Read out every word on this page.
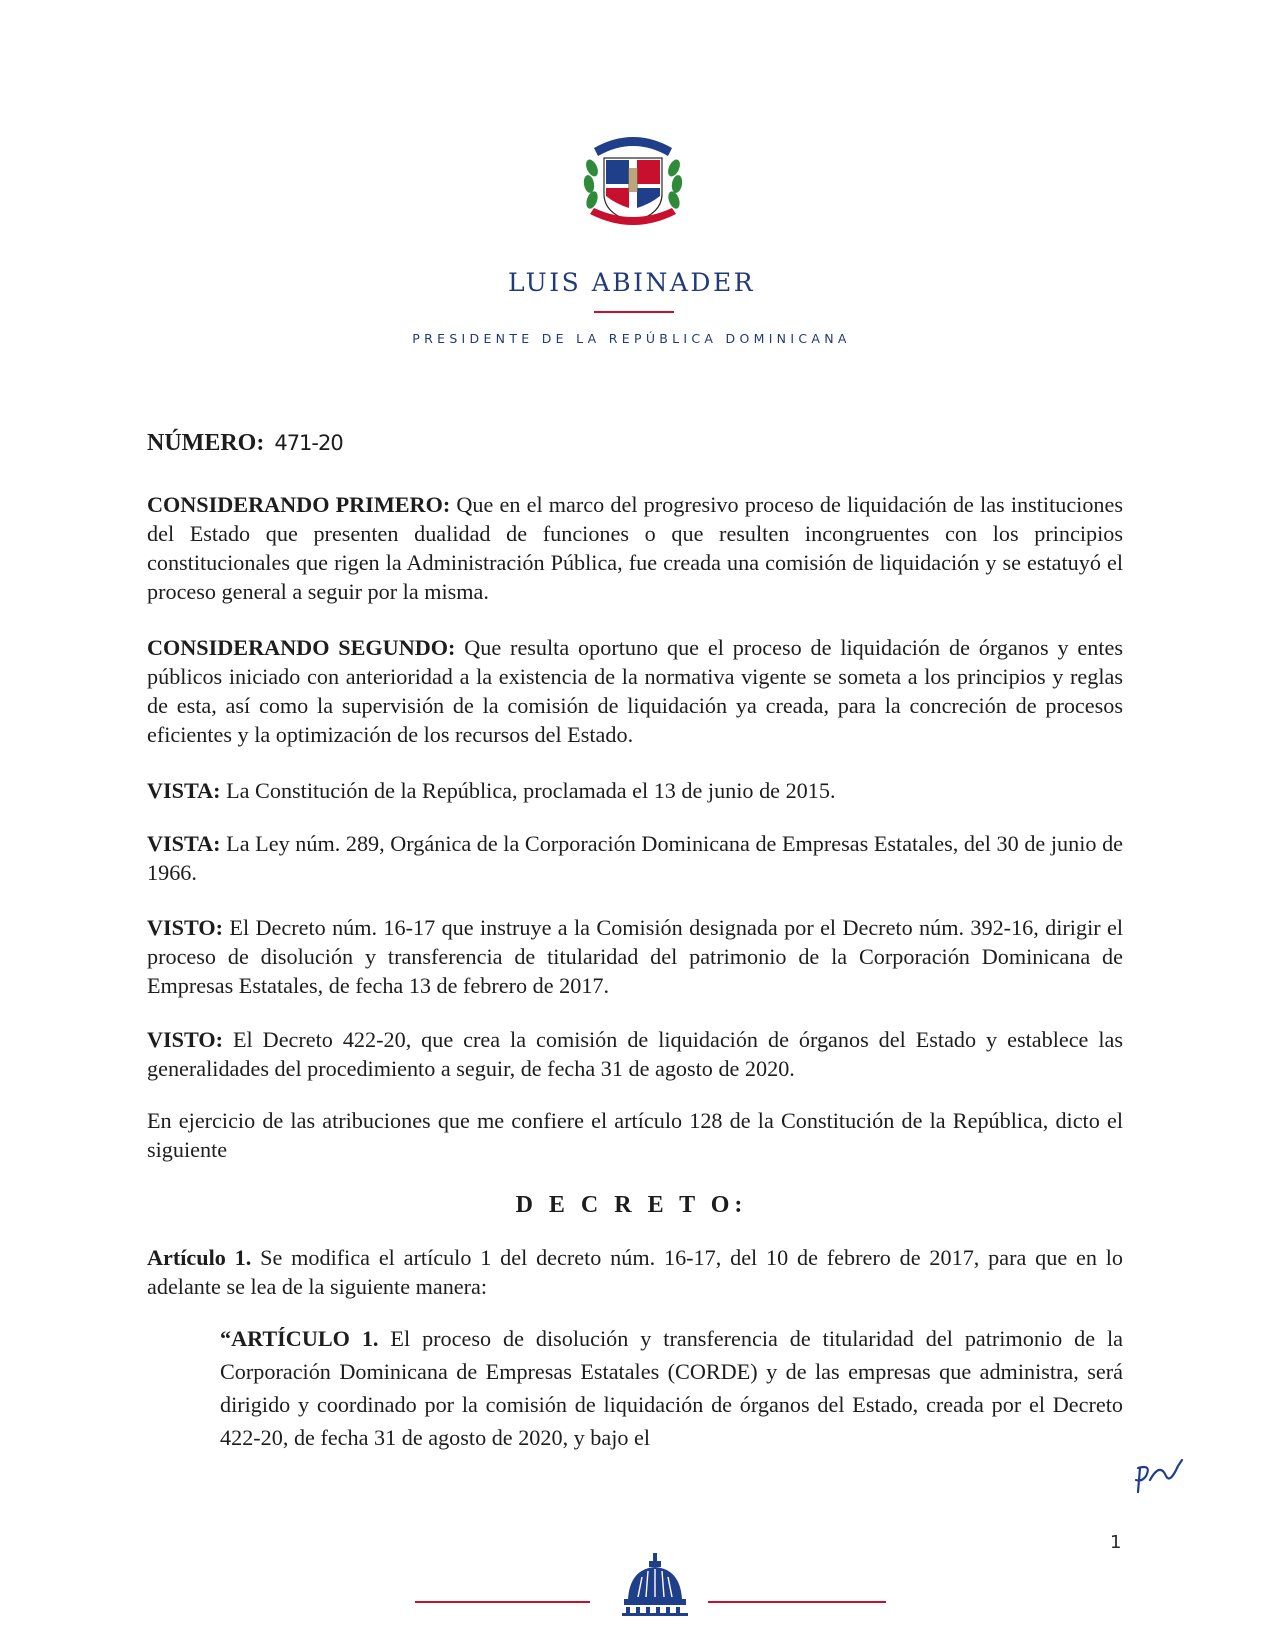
LUIS ABINADER
PRESIDENTE DE LA REPÚBLICA DOMINICANA
NÚMERO: 471-20

CONSIDERANDO PRIMERO: Que en el marco del progresivo proceso de liquidación de las instituciones del Estado que presenten dualidad de funciones o que resulten incongruentes con los principios constitucionales que rigen la Administración Pública, fue creada una comisión de liquidación y se estatuyó el proceso general a seguir por la misma.

CONSIDERANDO SEGUNDO: Que resulta oportuno que el proceso de liquidación de órganos y entes públicos iniciado con anterioridad a la existencia de la normativa vigente se someta a los principios y reglas de esta, así como la supervisión de la comisión de liquidación ya creada, para la concreción de procesos eficientes y la optimización de los recursos del Estado.

VISTA: La Constitución de la República, proclamada el 13 de junio de 2015.

VISTA: La Ley núm. 289, Orgánica de la Corporación Dominicana de Empresas Estatales, del 30 de junio de 1966.

VISTO: El Decreto núm. 16-17 que instruye a la Comisión designada por el Decreto núm. 392-16, dirigir el proceso de disolución y transferencia de titularidad del patrimonio de la Corporación Dominicana de Empresas Estatales, de fecha 13 de febrero de 2017.

VISTO: El Decreto 422-20, que crea la comisión de liquidación de órganos del Estado y establece las generalidades del procedimiento a seguir, de fecha 31 de agosto de 2020.

En ejercicio de las atribuciones que me confiere el artículo 128 de la Constitución de la República, dicto el siguiente

D E C R E T O:

Artículo 1. Se modifica el artículo 1 del decreto núm. 16-17, del 10 de febrero de 2017, para que en lo adelante se lea de la siguiente manera:

“ARTÍCULO 1. El proceso de disolución y transferencia de titularidad del patrimonio de la Corporación Dominicana de Empresas Estatales (CORDE) y de las empresas que administra, será dirigido y coordinado por la comisión de liquidación de órganos del Estado, creada por el Decreto 422-20, de fecha 31 de agosto de 2020, y bajo el

1
